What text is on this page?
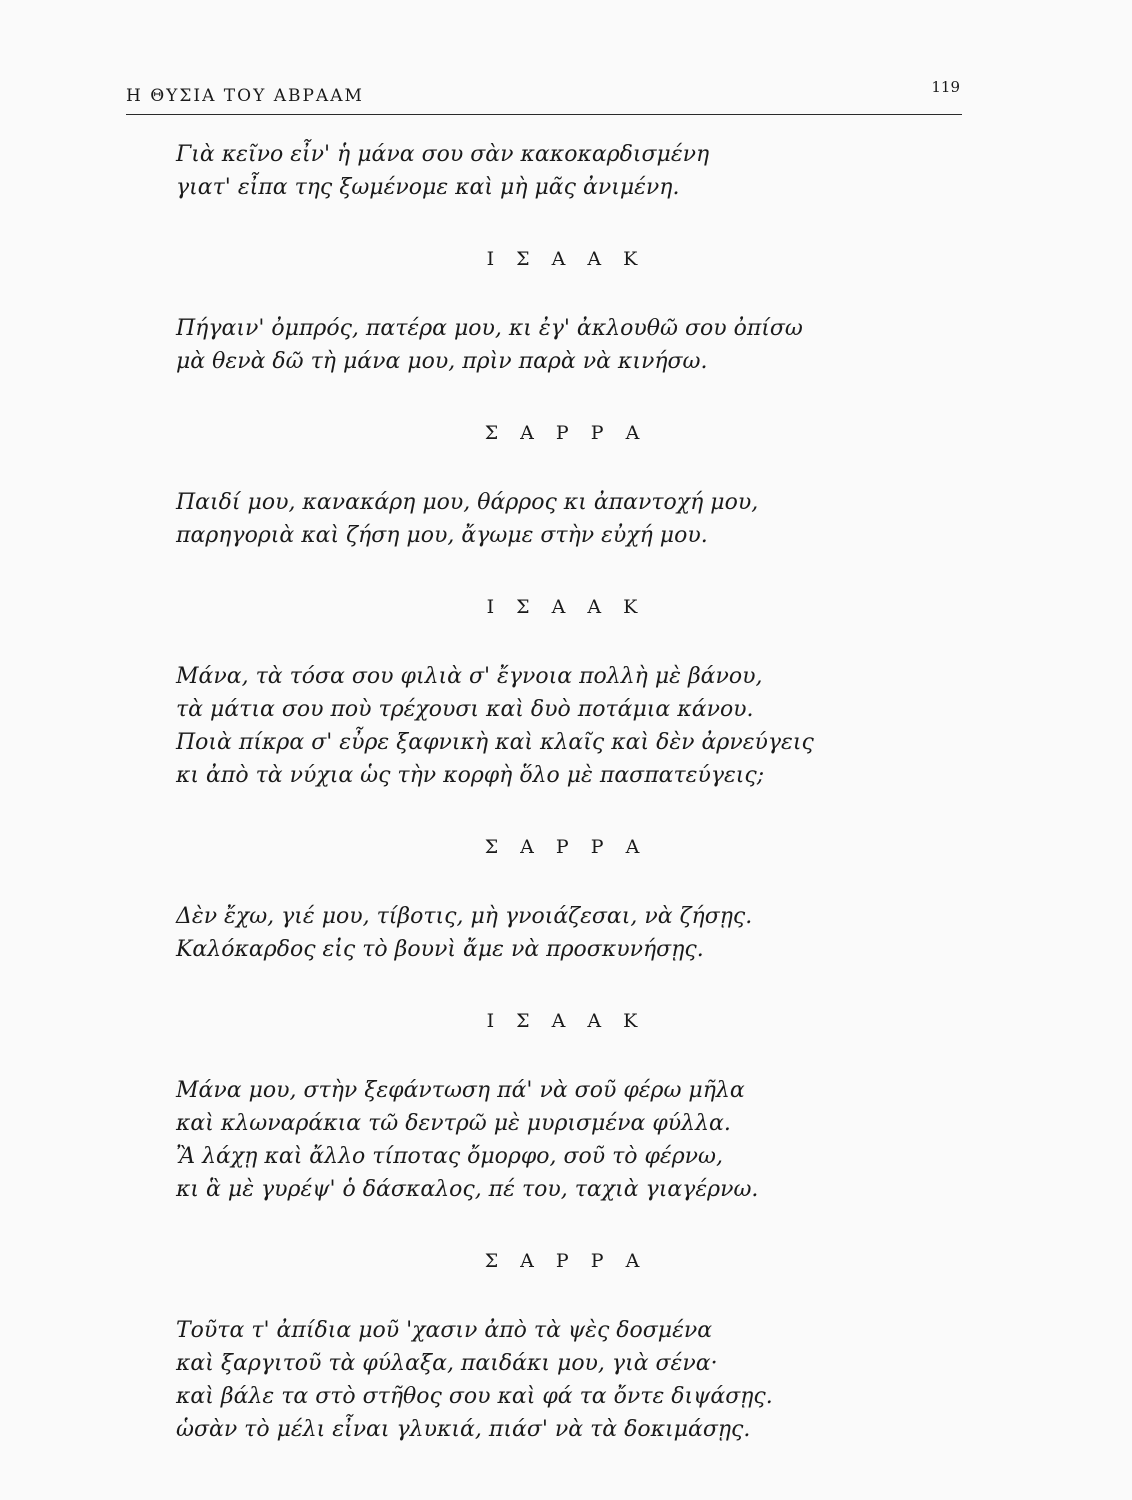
Η ΘΥΣΙΑ ΤΟΥ ΑΒΡΑΑΜ	119
Γιὰ κεῖνο εἶν' ἡ μάνα σου σὰν κακοκαρδισμένη
γιατ' εἶπα της ξωμένομε καὶ μὴ μᾶς ἀνιμένη.
Ι Σ Α Α Κ
Πήγαιν' ὀμπρός, πατέρα μου, κι ἐγ' ἀκλουθῶ σου ὀπίσω
μὰ θενὰ δῶ τὴ μάνα μου, πρὶν παρὰ νὰ κινήσω.
Σ Α Ρ Ρ Α
Παιδί μου, κανακάρη μου, θάρρος κι ἀπαντοχή μου,
παρηγοριὰ καὶ ζήση μου, ἄγωμε στὴν εὐχή μου.
Ι Σ Α Α Κ
Μάνα, τὰ τόσα σου φιλιὰ σ' ἔγνοια πολλὴ μὲ βάνου,
τὰ μάτια σου ποὺ τρέχουσι καὶ δυὸ ποτάμια κάνου.
Ποιὰ πίκρα σ' εὖρε ξαφνικὴ καὶ κλαῖς καὶ δὲν ἀρνεύγεις
κι ἀπὸ τὰ νύχια ὡς τὴν κορφὴ ὅλο μὲ πασπατεύγεις;
Σ Α Ρ Ρ Α
Δὲν ἔχω, γιέ μου, τίβοτις, μὴ γνοιάζεσαι, νὰ ζήσῃς.
Καλόκαρδος εἰς τὸ βουνὶ ἄμε νὰ προσκυνήσῃς.
Ι Σ Α Α Κ
Μάνα μου, στὴν ξεφάντωση πά' νὰ σοῦ φέρω μῆλα
καὶ κλωναράκια τῶ δεντρῶ μὲ μυρισμένα φύλλα.
Ἂ λάχῃ καὶ ἄλλο τίποτας ὄμορφο, σοῦ τὸ φέρνω,
κι ἃ μὲ γυρέψ' ὁ δάσκαλος, πέ του, ταχιὰ γιαγέρνω.
Σ Α Ρ Ρ Α
Τοῦτα τ' ἀπίδια μοῦ 'χασιν ἀπὸ τὰ ψὲς δοσμένα
καὶ ξαργιτοῦ τὰ φύλαξα, παιδάκι μου, γιὰ σένα·
καὶ βάλε τα στὸ στῆθος σου καὶ φά τα ὄντε διψάσῃς.
ὡσὰν τὸ μέλι εἶναι γλυκιά, πιάσ' νὰ τὰ δοκιμάσῃς.
